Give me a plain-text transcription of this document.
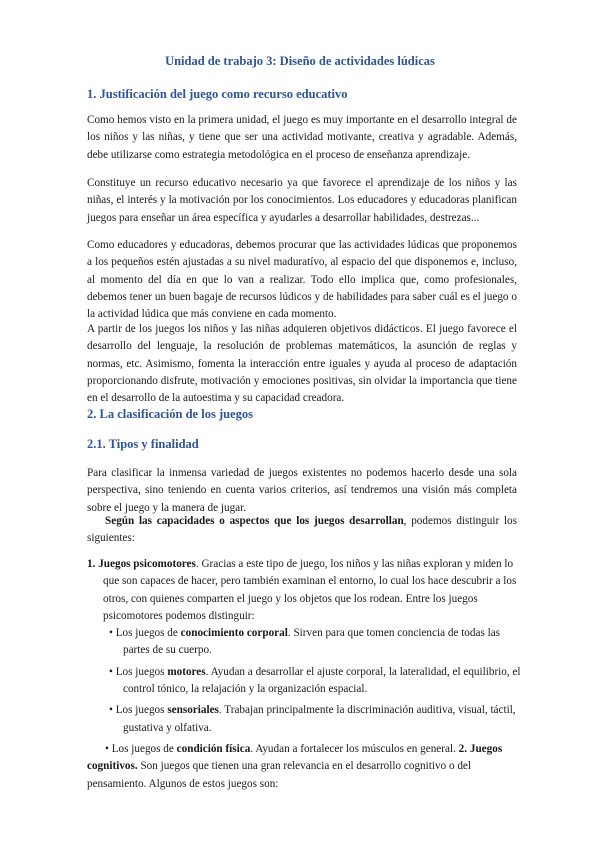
Unidad de trabajo 3: Diseño de actividades lúdicas
1. Justificación del juego como recurso educativo

Como hemos visto en la primera unidad, el juego es muy importante en el desarrollo integral de los niños y las niñas, y tiene que ser una actividad motivante, creativa y agradable. Además, debe utilizarse como estrategia metodológica en el proceso de enseñanza aprendizaje.

Constituye un recurso educativo necesario ya que favorece el aprendizaje de los niños y las niñas, el interés y la motivación por los conocimientos. Los educadores y educadoras planifican juegos para enseñar un área específica y ayudarles a desarrollar habilidades, destrezas...

Como educadores y educadoras, debemos procurar que las actividades lúdicas que proponemos a los pequeños estén ajustadas a su nivel maduratívo, al espacio del que disponemos e, incluso, al momento del día en que lo van a realizar. Todo ello implica que, como profesionales, debemos tener un buen bagaje de recursos lúdicos y de habilidades para saber cuál es el juego o la actividad lúdica que más conviene en cada momento.

A partir de los juegos los niños y las niñas adquieren objetivos didácticos. El juego favorece el desarrollo del lenguaje, la resolución de problemas matemáticos, la asunción de reglas y normas, etc. Asimismo, fomenta la interacción entre iguales y ayuda al proceso de adaptación proporcionando disfrute, motivación y emociones positivas, sin olvidar la importancia que tiene en el desarrollo de la autoestima y su capacidad creadora.

2. La clasificación de los juegos
2.1. Tipos y finalidad

Para clasificar la inmensa variedad de juegos existentes no podemos hacerlo desde una sola perspectiva, sino teniendo en cuenta varios criterios, así tendremos una visión más completa sobre el juego y la manera de jugar.

Según las capacidades o aspectos que los juegos desarrollan, podemos distinguir los siguientes:

1. Juegos psicomotores. Gracias a este tipo de juego, los niños y las niñas exploran y miden lo que son capaces de hacer, pero también examinan el entorno, lo cual los hace descubrir a los otros, con quienes comparten el juego y los objetos que los rodean. Entre los juegos psicomotores podemos distinguir:
• Los juegos de conocimiento corporal. Sirven para que tomen conciencia de todas las partes de su cuerpo.
• Los juegos motores. Ayudan a desarrollar el ajuste corporal, la lateralidad, el equilibrio, el control tónico, la relajación y la organización espacial.
• Los juegos sensoriales. Trabajan principalmente la discriminación auditiva, visual, táctil, gustativa y olfativa.
• Los juegos de condición física. Ayudan a fortalecer los músculos en general. 2. Juegos cognitivos. Son juegos que tienen una gran relevancia en el desarrollo cognitivo o del pensamiento. Algunos de estos juegos son:
